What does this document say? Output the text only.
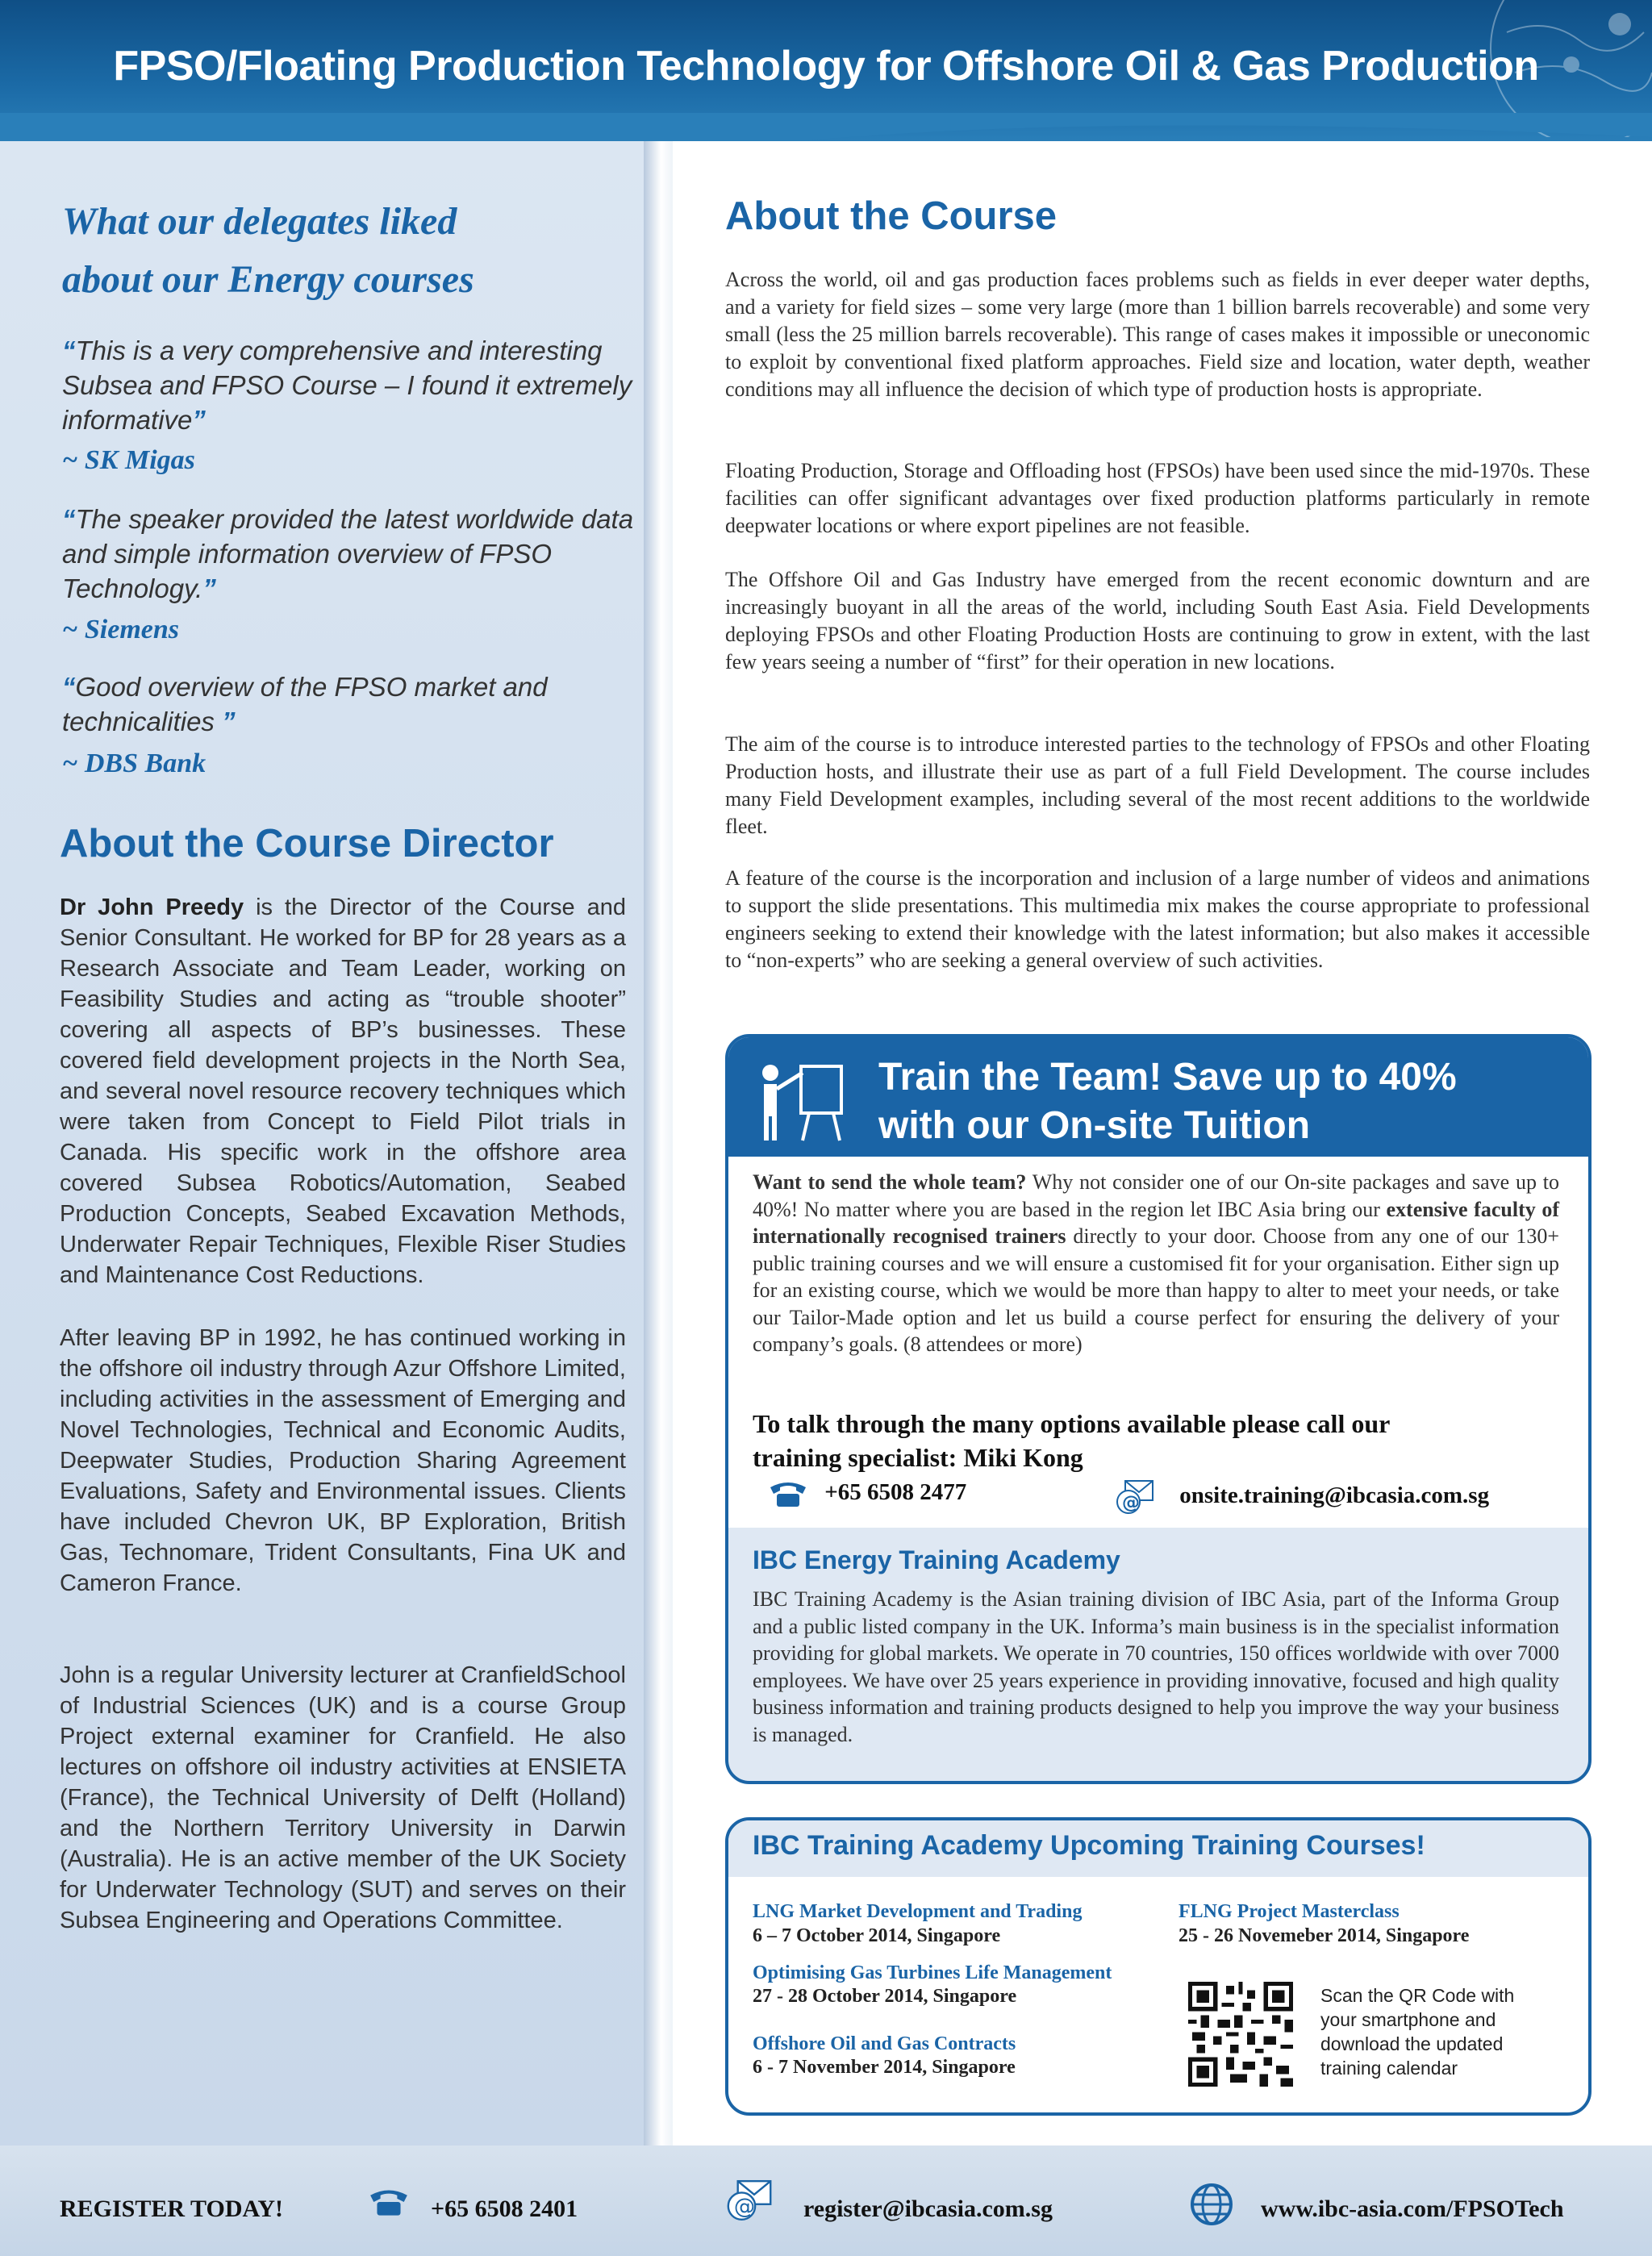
FPSO/Floating Production Technology for Offshore Oil & Gas Production
What our delegates liked
about our Energy courses
“This is a very comprehensive and interesting Subsea and FPSO Course – I found it extremely informative”
~ SK Migas
“The speaker provided the latest worldwide data and simple information overview of FPSO Technology.”
~ Siemens
“Good overview of the FPSO market and technicalities ”
~ DBS Bank
About the Course Director
Dr John Preedy is the Director of the Course and Senior Consultant. He worked for BP for 28 years as a Research Associate and Team Leader, working on Feasibility Studies and acting as “trouble shooter” covering all aspects of BP’s businesses. These covered field development projects in the North Sea, and several novel resource recovery techniques which were taken from Concept to Field Pilot trials in Canada. His specific work in the offshore area covered Subsea Robotics/Automation, Seabed Production Concepts, Seabed Excavation Methods, Underwater Repair Techniques, Flexible Riser Studies and Maintenance Cost Reductions.
After leaving BP in 1992, he has continued working in the offshore oil industry through Azur Offshore Limited, including activities in the assessment of Emerging and Novel Technologies, Technical and Economic Audits, Deepwater Studies, Production Sharing Agreement Evaluations, Safety and Environmental issues. Clients have included Chevron UK, BP Exploration, British Gas, Technomare, Trident Consultants, Fina UK and Cameron France.
John is a regular University lecturer at CranfieldSchool of Industrial Sciences (UK) and is a course Group Project external examiner for Cranfield. He also lectures on offshore oil industry activities at ENSIETA (France), the Technical University of Delft (Holland) and the Northern Territory University in Darwin (Australia). He is an active member of the UK Society for Underwater Technology (SUT) and serves on their Subsea Engineering and Operations Committee.
About the Course

Across the world, oil and gas production faces problems such as fields in ever deeper water depths, and a variety for field sizes – some very large (more than 1 billion barrels recoverable) and some very small (less the 25 million barrels recoverable). This range of cases makes it impossible or uneconomic to exploit by conventional fixed platform approaches. Field size and location, water depth, weather conditions may all influence the decision of which type of production hosts is appropriate.

Floating Production, Storage and Offloading host (FPSOs) have been used since the mid-1970s. These facilities can offer significant advantages over fixed production platforms particularly in remote deepwater locations or where export pipelines are not feasible.

The Offshore Oil and Gas Industry have emerged from the recent economic downturn and are increasingly buoyant in all the areas of the world, including South East Asia. Field Developments deploying FPSOs and other Floating Production Hosts are continuing to grow in extent, with the last few years seeing a number of “first” for their operation in new locations.

The aim of the course is to introduce interested parties to the technology of FPSOs and other Floating Production hosts, and illustrate their use as part of a full Field Development. The course includes many Field Development examples, including several of the most recent additions to the worldwide fleet.

A feature of the course is the incorporation and inclusion of a large number of videos and animations to support the slide presentations. This multimedia mix makes the course appropriate to professional engineers seeking to extend their knowledge with the latest information; but also makes it accessible to “non-experts” who are seeking a general overview of such activities.

Train the Team! Save up to 40%
with our On-site Tuition
Want to send the whole team? Why not consider one of our On-site packages and save up to 40%! No matter where you are based in the region let IBC Asia bring our extensive faculty of internationally recognised trainers directly to your door. Choose from any one of our 130+ public training courses and we will ensure a customised fit for your organisation. Either sign up for an existing course, which we would be more than happy to alter to meet your needs, or take our Tailor-Made option and let us build a course perfect for ensuring the delivery of your company’s goals. (8 attendees or more)
To talk through the many options available please call our
training specialist: Miki Kong
+65 6508 2477	@ onsite.training@ibcasia.com.sg
IBC Energy Training Academy
IBC Training Academy is the Asian training division of IBC Asia, part of the Informa Group and a public listed company in the UK. Informa’s main business is in the specialist information providing for global markets. We operate in 70 countries, 150 offices worldwide with over 7000 employees. We have over 25 years experience in providing innovative, focused and high quality business information and training products designed to help you improve the way your business is managed.
IBC Training Academy Upcoming Training Courses!
LNG Market Development and Trading
6 – 7 October 2014, Singapore
FLNG Project Masterclass
25 - 26 Novemeber 2014, Singapore
Optimising Gas Turbines Life Management
27 - 28 October 2014, Singapore
Offshore Oil and Gas Contracts
6 - 7 November 2014, Singapore
Scan the QR Code with your smartphone and download the updated training calendar
REGISTER TODAY!	+65 6508 2401	@ register@ibcasia.com.sg	www.ibc-asia.com/FPSOTech
